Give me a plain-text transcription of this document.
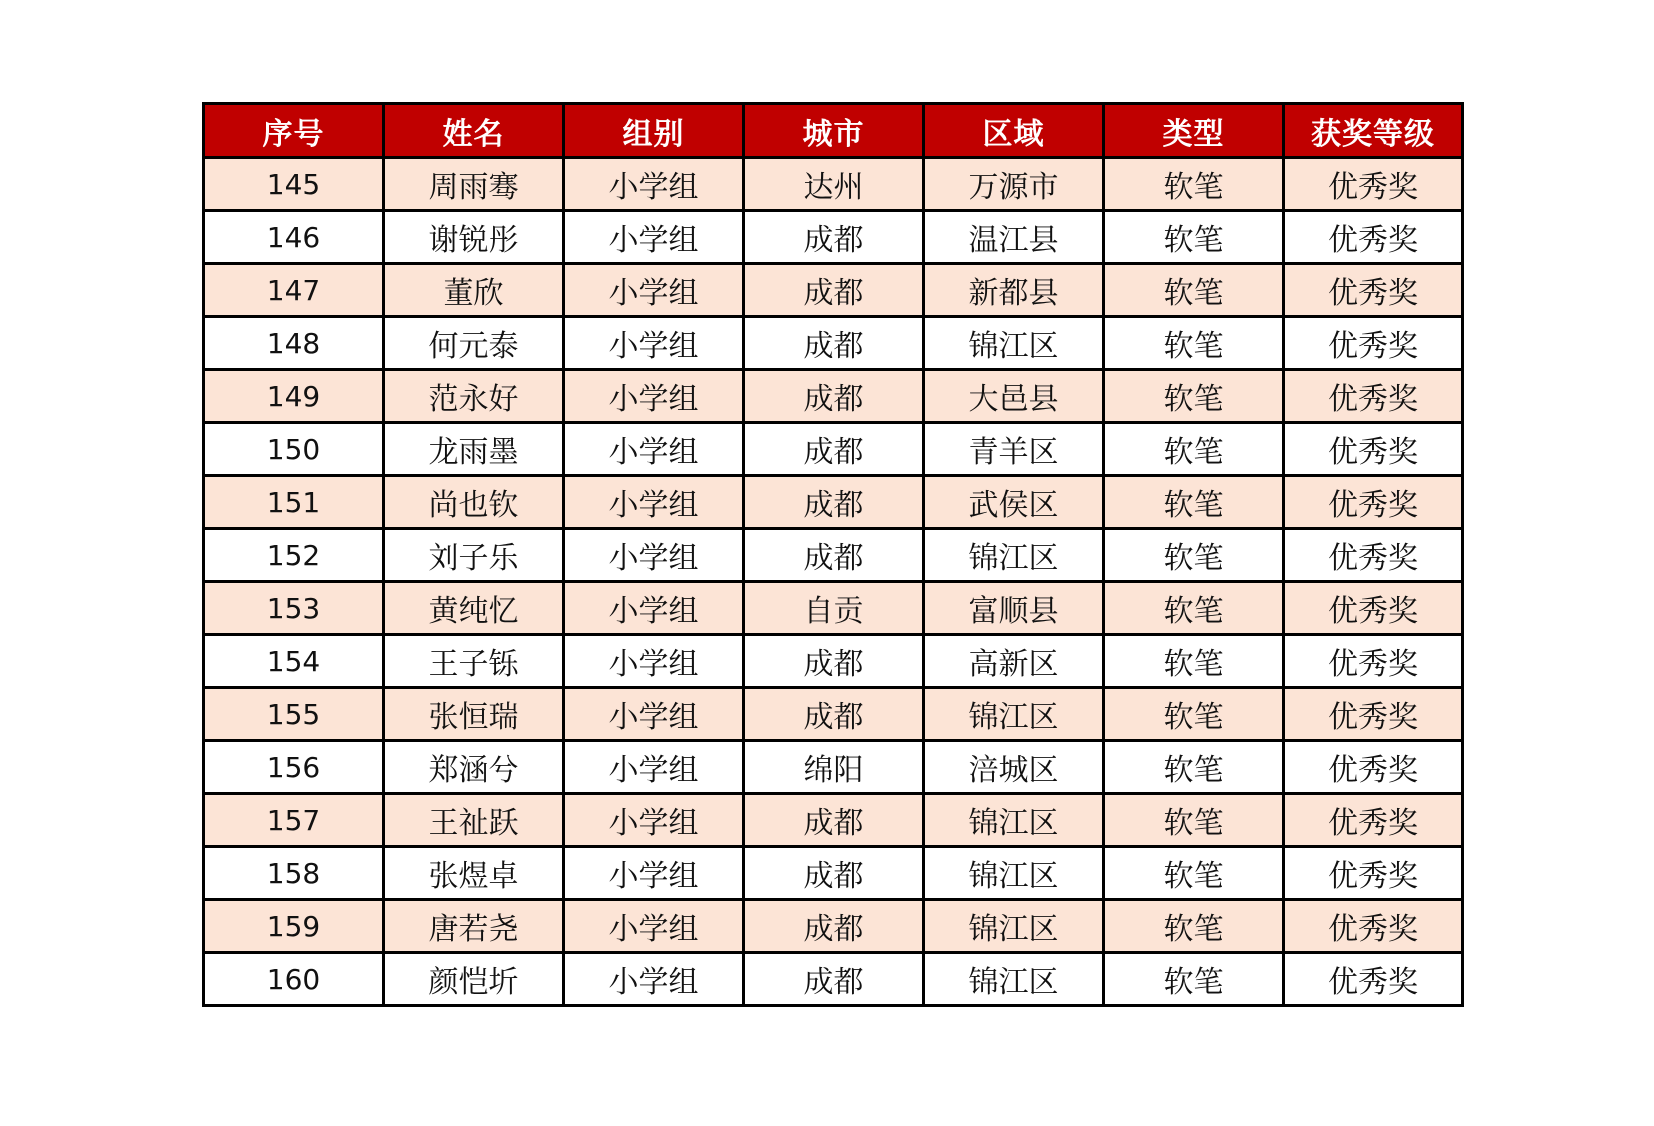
序号	姓名	组别	城市	区域	类型	获奖等级
145	周雨骞	小学组	达州	万源市	软笔	优秀奖
146	谢锐彤	小学组	成都	温江县	软笔	优秀奖
147	董欣	小学组	成都	新都县	软笔	优秀奖
148	何元泰	小学组	成都	锦江区	软笔	优秀奖
149	范永好	小学组	成都	大邑县	软笔	优秀奖
150	龙雨墨	小学组	成都	青羊区	软笔	优秀奖
151	尚也钦	小学组	成都	武侯区	软笔	优秀奖
152	刘子乐	小学组	成都	锦江区	软笔	优秀奖
153	黄纯忆	小学组	自贡	富顺县	软笔	优秀奖
154	王子铄	小学组	成都	高新区	软笔	优秀奖
155	张恒瑞	小学组	成都	锦江区	软笔	优秀奖
156	郑涵兮	小学组	绵阳	涪城区	软笔	优秀奖
157	王祉跃	小学组	成都	锦江区	软笔	优秀奖
158	张煜卓	小学组	成都	锦江区	软笔	优秀奖
159	唐若尧	小学组	成都	锦江区	软笔	优秀奖
160	颜恺圻	小学组	成都	锦江区	软笔	优秀奖
